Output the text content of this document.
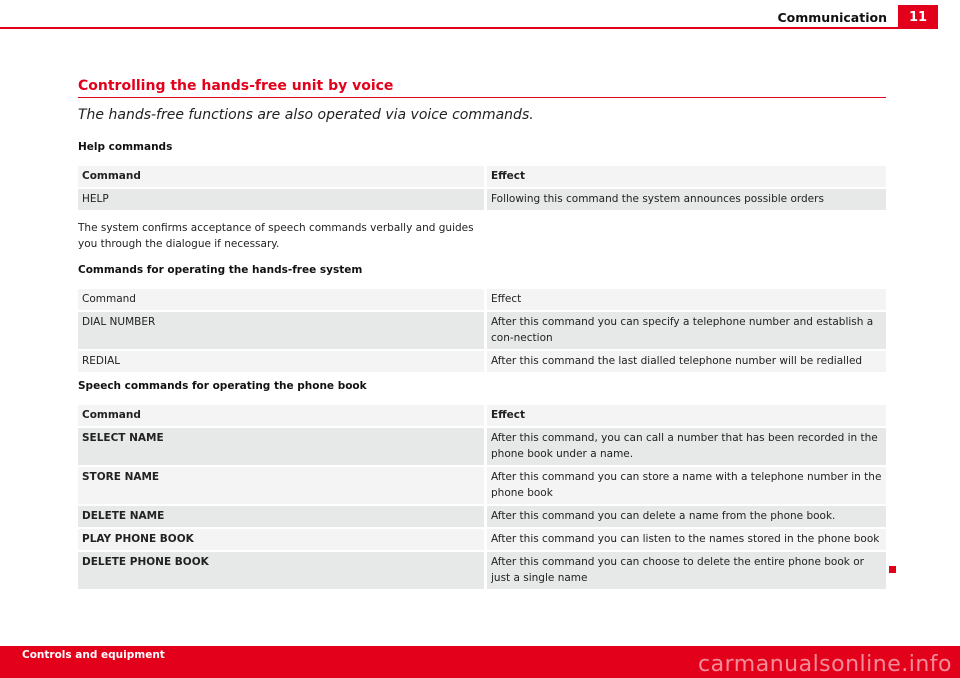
Communication	11
Controlling the hands-free unit by voice
The hands-free functions are also operated via voice commands.
Help commands
Command	Effect
HELP	Following this command the system announces possible orders
The system confirms acceptance of speech commands verbally and guides you through the dialogue if necessary.
Commands for operating the hands-free system
Command	Effect
DIAL NUMBER	After this command you can specify a telephone number and establish a con-nection
REDIAL	After this command the last dialled telephone number will be redialled
Speech commands for operating the phone book
Command	Effect
SELECT NAME	After this command, you can call a number that has been recorded in the phone book under a name.
STORE NAME	After this command you can store a name with a telephone number in the phone book
DELETE NAME	After this command you can delete a name from the phone book.
PLAY PHONE BOOK	After this command you can listen to the names stored in the phone book
DELETE PHONE BOOK	After this command you can choose to delete the entire phone book or just a single name
Controls and equipment	carmanualsonline.info
